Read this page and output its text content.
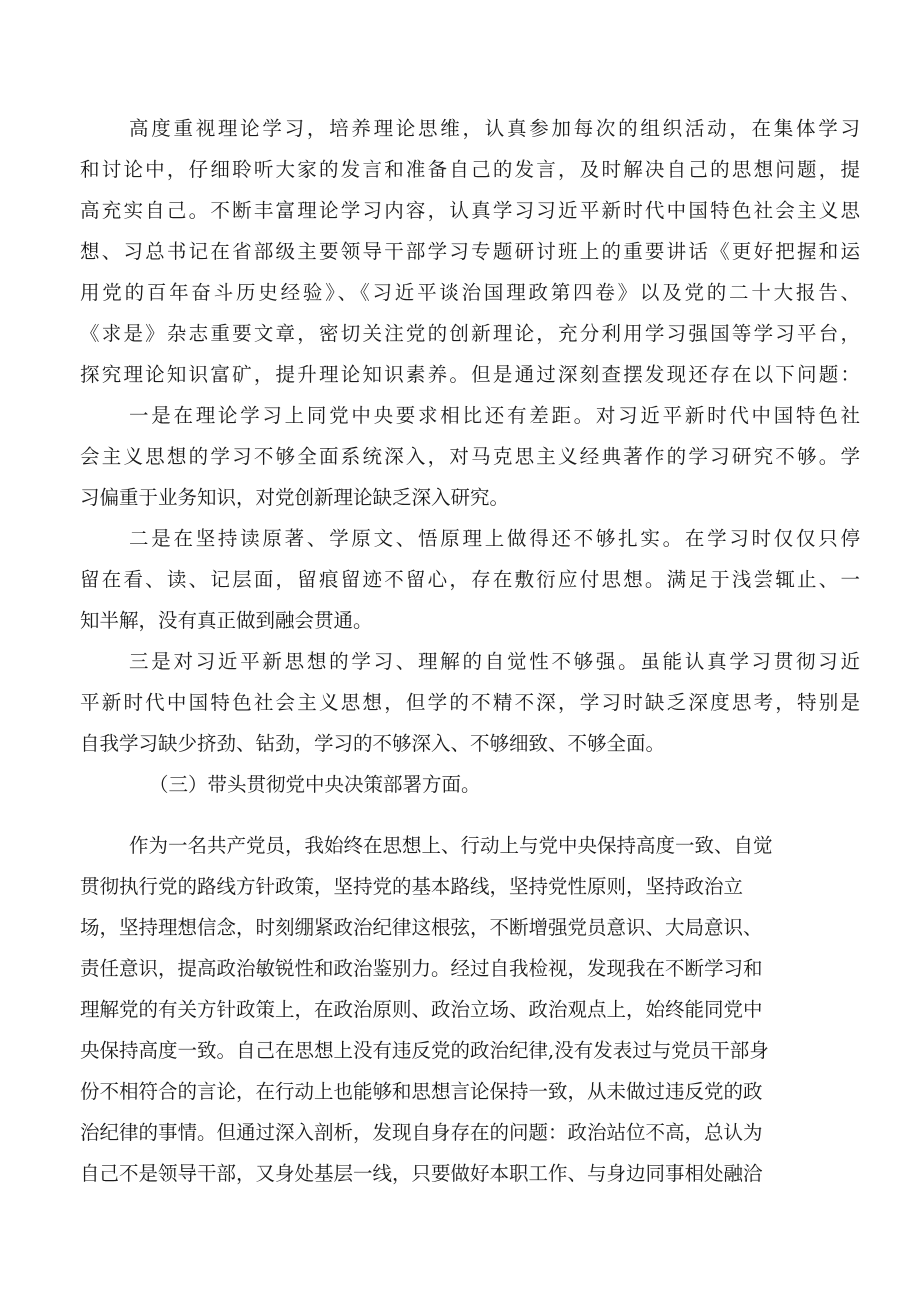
高度重视理论学习，培养理论思维，认真参加每次的组织活动，在集体学习
和讨论中，仔细聆听大家的发言和准备自己的发言，及时解决自己的思想问题，提
高充实自己。不断丰富理论学习内容，认真学习习近平新时代中国特色社会主义思
想、习总书记在省部级主要领导干部学习专题研讨班上的重要讲话《更好把握和运
用党的百年奋斗历史经验》、《习近平谈治国理政第四卷》以及党的二十大报告、
《求是》杂志重要文章，密切关注党的创新理论，充分利用学习强国等学习平台，
探究理论知识富矿，提升理论知识素养。但是通过深刻查摆发现还存在以下问题：
一是在理论学习上同党中央要求相比还有差距。对习近平新时代中国特色社
会主义思想的学习不够全面系统深入，对马克思主义经典著作的学习研究不够。学
习偏重于业务知识，对党创新理论缺乏深入研究。
二是在坚持读原著、学原文、悟原理上做得还不够扎实。在学习时仅仅只停
留在看、读、记层面，留痕留迹不留心，存在敷衍应付思想。满足于浅尝辄止、一
知半解，没有真正做到融会贯通。
三是对习近平新思想的学习、理解的自觉性不够强。虽能认真学习贯彻习近
平新时代中国特色社会主义思想，但学的不精不深，学习时缺乏深度思考，特别是
自我学习缺少挤劲、钻劲，学习的不够深入、不够细致、不够全面。
（三）带头贯彻党中央决策部署方面。
作为一名共产党员，我始终在思想上、行动上与党中央保持高度一致、自觉
贯彻执行党的路线方针政策，坚持党的基本路线，坚持党性原则，坚持政治立
场，坚持理想信念，时刻绷紧政治纪律这根弦，不断增强党员意识、大局意识、
责任意识，提高政治敏锐性和政治鉴别力。经过自我检视，发现我在不断学习和
理解党的有关方针政策上，在政治原则、政治立场、政治观点上，始终能同党中
央保持高度一致。自己在思想上没有违反党的政治纪律,没有发表过与党员干部身
份不相符合的言论，在行动上也能够和思想言论保持一致，从未做过违反党的政
治纪律的事情。但通过深入剖析，发现自身存在的问题：政治站位不高，总认为
自己不是领导干部，又身处基层一线，只要做好本职工作、与身边同事相处融洽
